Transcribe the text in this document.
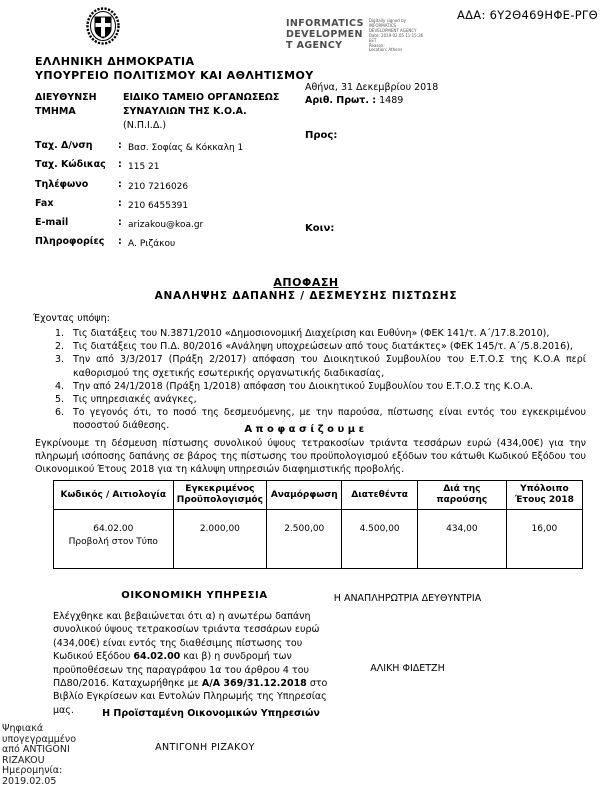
ΑΔΑ: 6Υ2Θ469ΗΦΕ-ΡΓΘ
INFORMATICS
DEVELOPMEN
T AGENCY
Digitally signed by
INFORMATICS
DEVELOPMENT AGENCY
Date: 2019.02.05 11:15:36
EET
Reason:
Location: Athens
ΕΛΛΗΝΙΚΗ ΔΗΜΟΚΡΑΤΙΑ
ΥΠΟΥΡΓΕΙΟ ΠΟΛΙΤΙΣΜΟΥ ΚΑΙ ΑΘΛΗΤΙΣΜΟΥ
Αθήνα, 31 Δεκεμβρίου 2018
Αριθ. Πρωτ. : 1489
Προς:
Κοιν:
ΔΙΕΥΘΥΝΣΗ
ΤΜΗΜΑ
ΕΙΔΙΚΟ ΤΑΜΕΙΟ ΟΡΓΑΝΩΣΕΩΣ ΣΥΝΑΥΛΙΩΝ ΤΗΣ Κ.Ο.Α.
(Ν.Π.Ι.Δ.)
Ταχ. Δ/νση	: Βασ. Σοφίας & Κόκκαλη 1
Ταχ. Κώδικας	: 115 21
Τηλέφωνο	: 210 7216026
Fax	: 210 6455391
E-mail	: arizakou@koa.gr
Πληροφορίες	: Α. Ριζάκου
ΑΠΟΦΑΣΗ
ΑΝΑΛΗΨΗΣ ΔΑΠΑΝΗΣ / ΔΕΣΜΕΥΣΗΣ ΠΙΣΤΩΣΗΣ
Έχοντας υπόψη:
1. Τις διατάξεις του Ν.3871/2010 «Δημοσιονομική Διαχείριση και Ευθύνη» (ΦΕΚ 141/τ. Α΄/17.8.2010),
2. Τις διατάξεις του Π.Δ. 80/2016 «Ανάληψη υποχρεώσεων από τους διατάκτες» (ΦΕΚ 145/τ. Α΄/5.8.2016),
3. Την από 3/3/2017 (Πράξη 2/2017) απόφαση του Διοικητικού Συμβουλίου του Ε.Τ.Ο.Σ της Κ.Ο.Α περί καθορισμού της σχετικής εσωτερικής οργανωτικής διαδικασίας,
4. Την από 24/1/2018 (Πράξη 1/2018) απόφαση του Διοικητικού Συμβουλίου του Ε.Τ.Ο.Σ της Κ.Ο.Α.
5. Τις υπηρεσιακές ανάγκες,
6. Το γεγονός ότι, το ποσό της δεσμευόμενης, με την παρούσα, πίστωσης είναι εντός του εγκεκριμένου ποσοστού διάθεσης.	Αποφασίζουμε
Εγκρίνουμε τη δέσμευση πίστωσης συνολικού ύψους τετρακοσίων τριάντα τεσσάρων ευρώ (434,00€) για την πληρωμή ισόποσης δαπάνης σε βάρος της πίστωσης του προϋπολογισμού εξόδων του κάτωθι Κωδικού Εξόδου του Οικονομικού Έτους 2018 για τη κάλυψη υπηρεσιών διαφημιστικής προβολής.
Κωδικός / Αιτιολογία	Εγκεκριμένος Προϋπολογισμός	Αναμόρφωση	Διατεθέντα	Διά της παρούσης	Υπόλοιπο Έτους 2018

64.02.00
Προβολή στον Τύπο	2.000,00	2.500,00	4.500,00	434,00	16,00
ΟΙΚΟΝΟΜΙΚΗ ΥΠΗΡΕΣΙΑ	Η ΑΝΑΠΛΗΡΩΤΡΙΑ ΔΕΥΘΥΝΤΡΙΑ
Ελέγχθηκε και βεβαιώνεται ότι α) η ανωτέρω δαπάνη συνολικού ύψους τετρακοσίων τριάντα τεσσάρων ευρώ (434,00€) είναι εντός της διαθέσιμης πίστωσης του Κωδικού Εξόδου 64.02.00 και β) η συνδρομή των προϋποθέσεων της παραγράφου 1α του άρθρου 4 του ΠΔ80/2016. Καταχωρήθηκε με Α/Α 369/31.12.2018 στο Βιβλίο Εγκρίσεων και Εντολών Πληρωμής της Υπηρεσίας μας.
ΑΛΙΚΗ ΦΙΔΕΤΖΗ
Η Προϊσταμένη Οικονομικών Υπηρεσιών
ΑΝΤΙΓΟΝΗ ΡΙΖΑΚΟΥ
Ψηφιακά
υπογεγραμμένο
από ANTIGONI
RIZAKOU
Ημερομηνία:
2019.02.05
